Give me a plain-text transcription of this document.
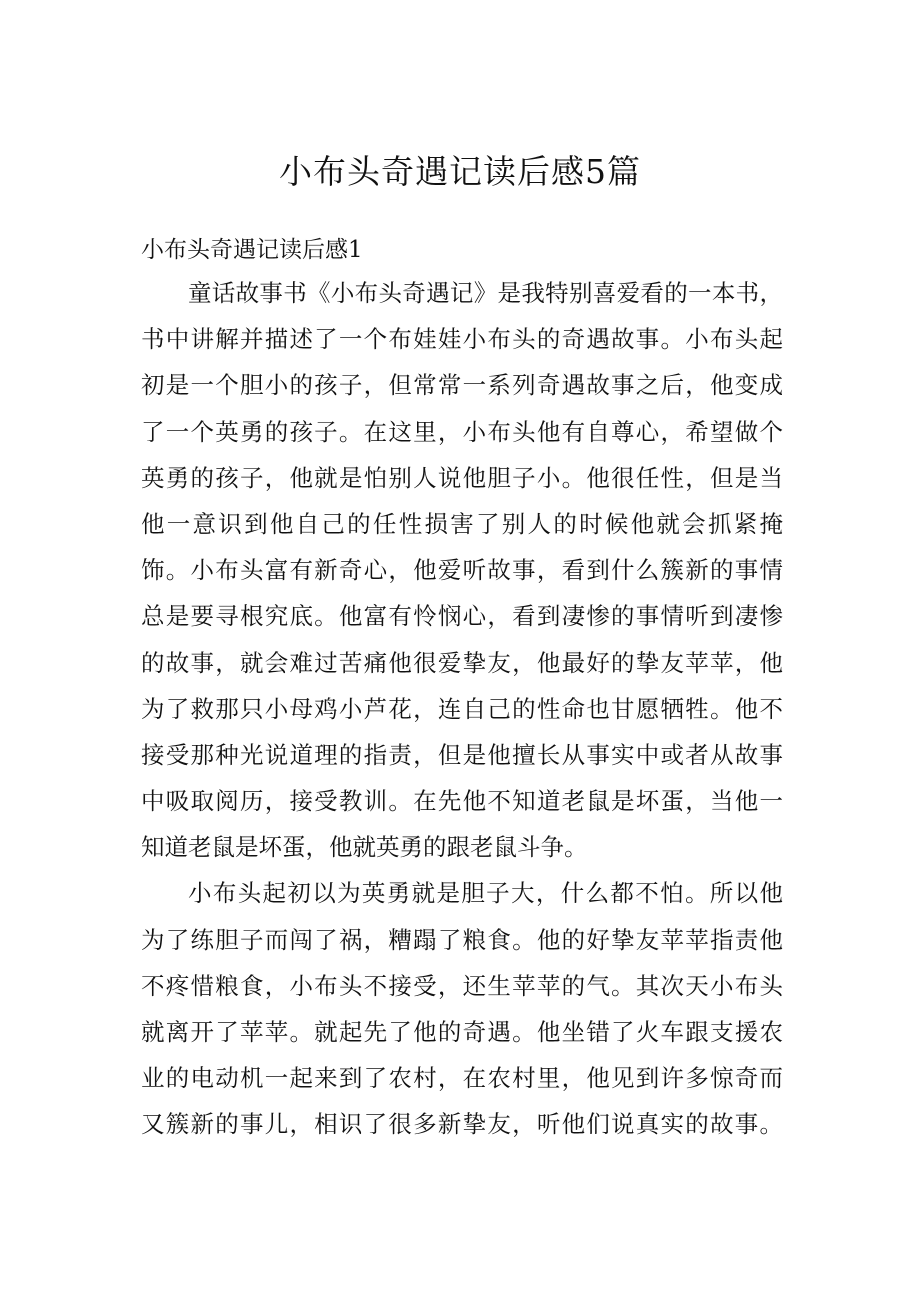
小布头奇遇记读后感5篇
小布头奇遇记读后感1
童话故事书《小布头奇遇记》是我特别喜爱看的一本书，
书中讲解并描述了一个布娃娃小布头的奇遇故事。小布头起
初是一个胆小的孩子，但常常一系列奇遇故事之后，他变成
了一个英勇的孩子。在这里，小布头他有自尊心，希望做个
英勇的孩子，他就是怕别人说他胆子小。他很任性，但是当
他一意识到他自己的任性损害了别人的时候他就会抓紧掩
饰。小布头富有新奇心，他爱听故事，看到什么簇新的事情
总是要寻根究底。他富有怜悯心，看到凄惨的事情听到凄惨
的故事，就会难过苦痛他很爱挚友，他最好的挚友苹苹，他
为了救那只小母鸡小芦花，连自己的性命也甘愿牺牲。他不
接受那种光说道理的指责，但是他擅长从事实中或者从故事
中吸取阅历，接受教训。在先他不知道老鼠是坏蛋，当他一
知道老鼠是坏蛋，他就英勇的跟老鼠斗争。
小布头起初以为英勇就是胆子大，什么都不怕。所以他
为了练胆子而闯了祸，糟蹋了粮食。他的好挚友苹苹指责他
不疼惜粮食，小布头不接受，还生苹苹的气。其次天小布头
就离开了苹苹。就起先了他的奇遇。他坐错了火车跟支援农
业的电动机一起来到了农村，在农村里，他见到许多惊奇而
又簇新的事儿，相识了很多新挚友，听他们说真实的故事。
